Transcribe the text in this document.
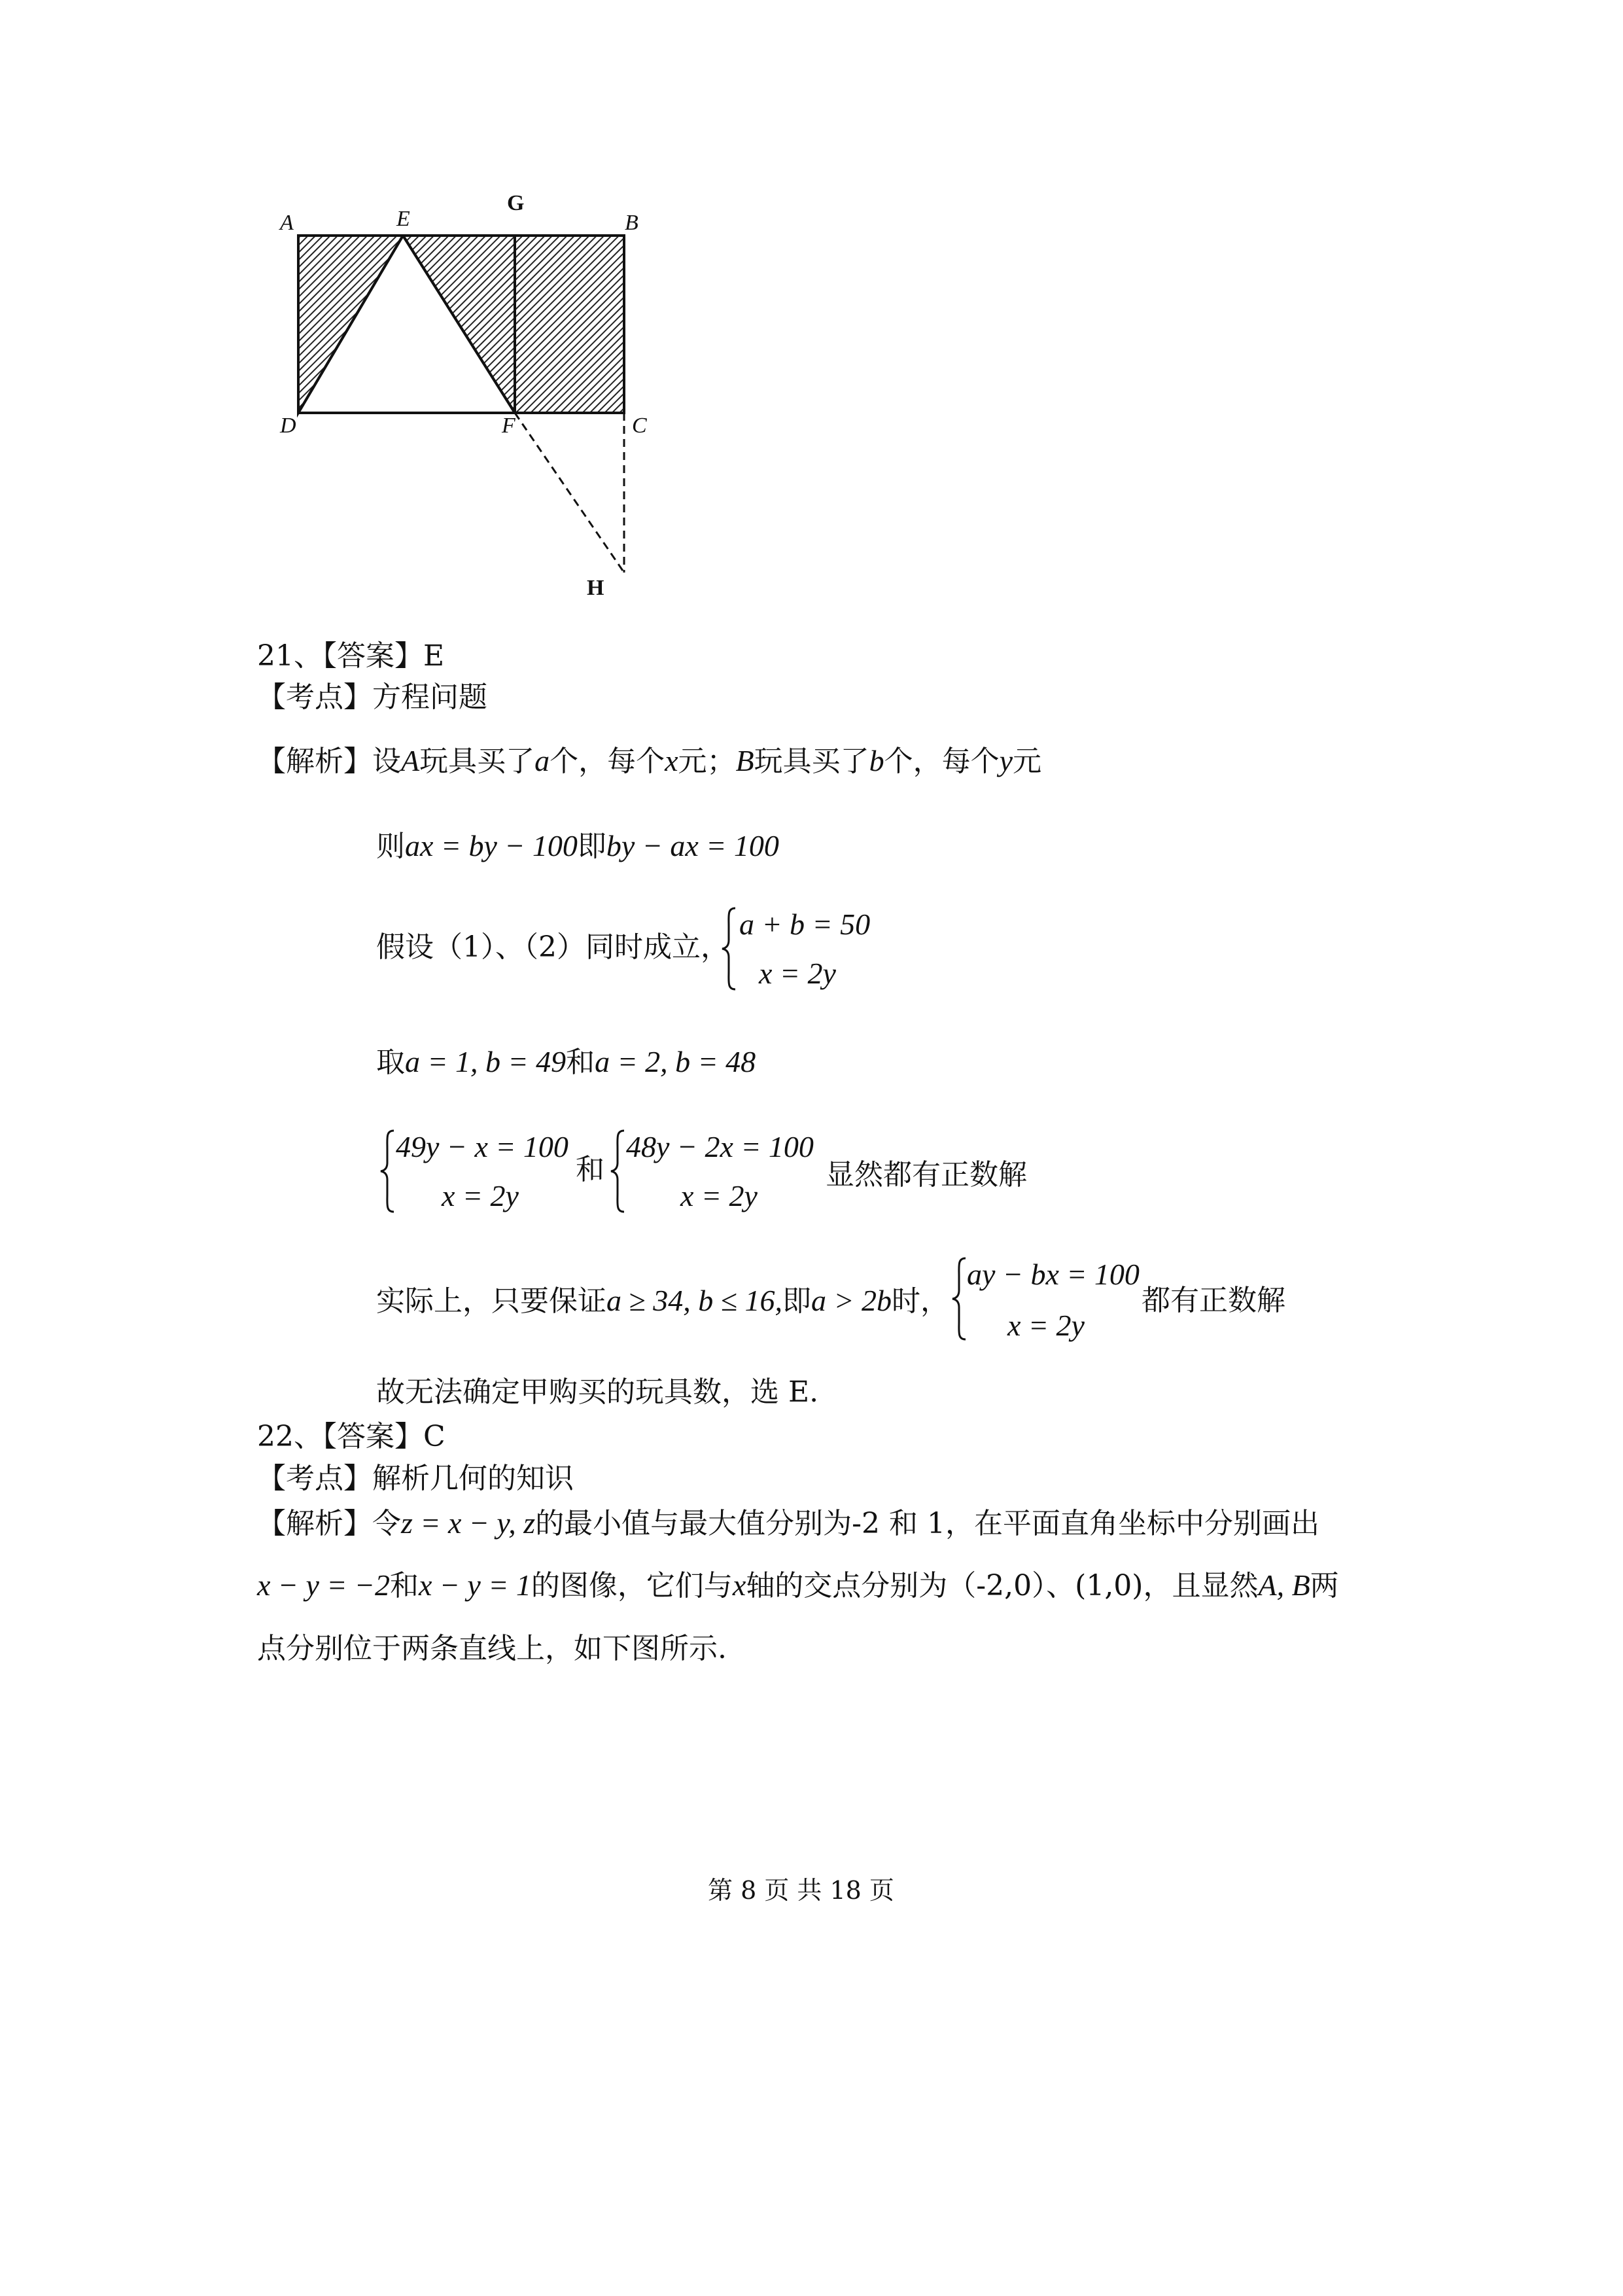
A	E
G
B
D	F	C
H
21、【答案】E
【考点】方程问题
【解析】设A玩具买了a个，每个x元；B玩具买了b个，每个y元
则ax = by − 100即by − ax = 100
假设（1）、（2）同时成立，
a + b = 50
x = 2y
取a = 1, b = 49和a = 2, b = 48
49y − x = 100
x = 2y
和
48y − 2x = 100
x = 2y
显然都有正数解
实际上，只要保证a ≥ 34, b ≤ 16,即a > 2b时，
ay − bx = 100
x = 2y
都有正数解
故无法确定甲购买的玩具数，选 E.
22、【答案】C
【考点】解析几何的知识
【解析】令z = x − y, z的最小值与最大值分别为-2 和 1，在平面直角坐标中分别画出
x − y = −2和x − y = 1的图像，它们与x轴的交点分别为（-2,0）、(1,0)，且显然A, B两
点分别位于两条直线上，如下图所示.
第 8 页 共 18 页
